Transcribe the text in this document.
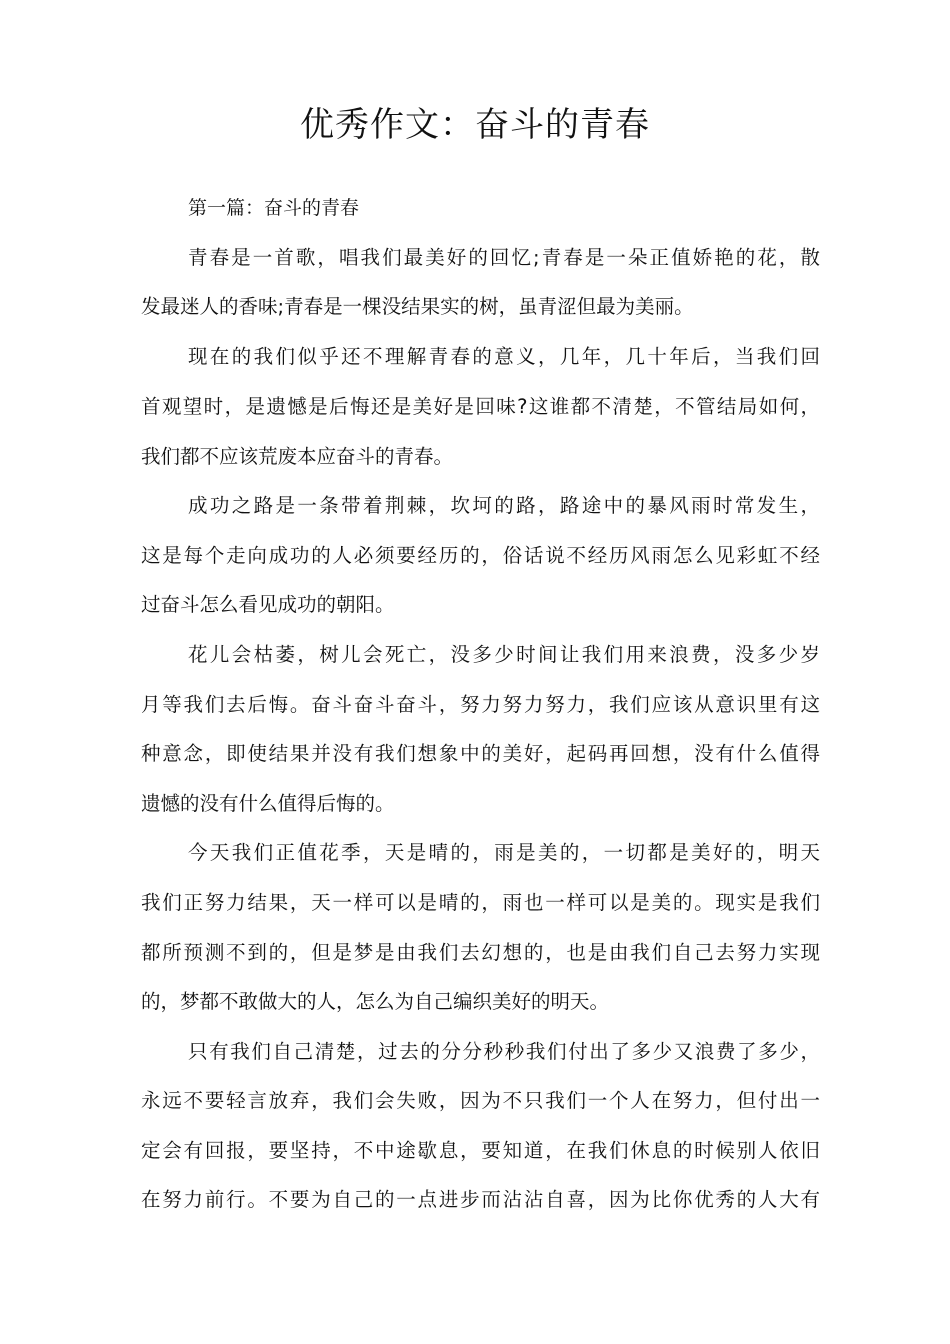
优秀作文：奋斗的青春
第一篇：奋斗的青春
青春是一首歌，唱我们最美好的回忆;青春是一朵正值娇艳的花，散
发最迷人的香味;青春是一棵没结果实的树，虽青涩但最为美丽。
现在的我们似乎还不理解青春的意义，几年，几十年后，当我们回
首观望时，是遗憾是后悔还是美好是回味?这谁都不清楚，不管结局如何，
我们都不应该荒废本应奋斗的青春。
成功之路是一条带着荆棘，坎坷的路，路途中的暴风雨时常发生，
这是每个走向成功的人必须要经历的，俗话说不经历风雨怎么见彩虹不经
过奋斗怎么看见成功的朝阳。
花儿会枯萎，树儿会死亡，没多少时间让我们用来浪费，没多少岁
月等我们去后悔。奋斗奋斗奋斗，努力努力努力，我们应该从意识里有这
种意念，即使结果并没有我们想象中的美好，起码再回想，没有什么值得
遗憾的没有什么值得后悔的。
今天我们正值花季，天是晴的，雨是美的，一切都是美好的，明天
我们正努力结果，天一样可以是晴的，雨也一样可以是美的。现实是我们
都所预测不到的，但是梦是由我们去幻想的，也是由我们自己去努力实现
的，梦都不敢做大的人，怎么为自己编织美好的明天。
只有我们自己清楚，过去的分分秒秒我们付出了多少又浪费了多少，
永远不要轻言放弃，我们会失败，因为不只我们一个人在努力，但付出一
定会有回报，要坚持，不中途歇息，要知道，在我们休息的时候别人依旧
在努力前行。不要为自己的一点进步而沾沾自喜，因为比你优秀的人大有
